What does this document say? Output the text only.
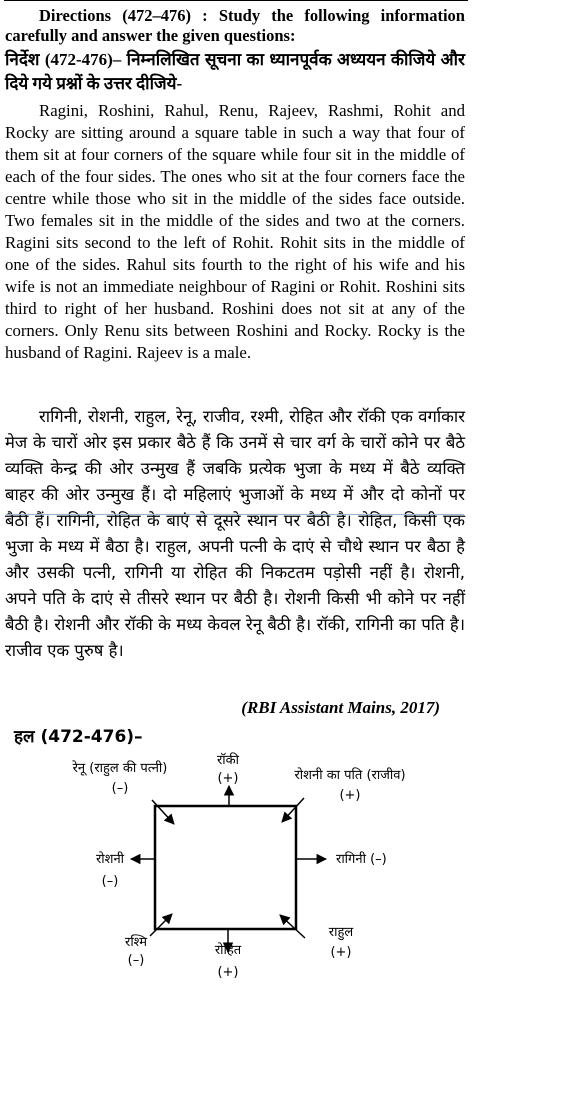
Directions (472–476) : Study the following information carefully and answer the given questions:
निर्देश (472-476)– निम्नलिखित सूचना का ध्यानपूर्वक अध्ययन कीजिये और दिये गये प्रश्नों के उत्तर दीजिये-
Ragini, Roshini, Rahul, Renu, Rajeev, Rashmi, Rohit and Rocky are sitting around a square table in such a way that four of them sit at four corners of the square while four sit in the middle of each of the four sides. The ones who sit at the four corners face the centre while those who sit in the middle of the sides face outside. Two females sit in the middle of the sides and two at the corners. Ragini sits second to the left of Rohit. Rohit sits in the middle of one of the sides. Rahul sits fourth to the right of his wife and his wife is not an immediate neighbour of Ragini or Rohit. Roshini sits third to right of her husband. Roshini does not sit at any of the corners. Only Renu sits between Roshini and Rocky. Rocky is the husband of Ragini. Rajeev is a male.
रागिनी, रोशनी, राहुल, रेनू, राजीव, रश्मी, रोहित और रॉकी एक वर्गाकार मेज के चारों ओर इस प्रकार बैठे हैं कि उनमें से चार वर्ग के चारों कोने पर बैठे व्यक्ति केन्द्र की ओर उन्मुख हैं जबकि प्रत्येक भुजा के मध्य में बैठे व्यक्ति बाहर की ओर उन्मुख हैं। दो महिलाएं भुजाओं के मध्य में और दो कोनों पर बैठी हैं। रागिनी, रोहित के बाएं से दूसरे स्थान पर बैठी है। रोहित, किसी एक भुजा के मध्य में बैठा है। राहुल, अपनी पत्नी के दाएं से चौथे स्थान पर बैठा है और उसकी पत्नी, रागिनी या रोहित की निकटतम पड़ोसी नहीं है। रोशनी, अपने पति के दाएं से तीसरे स्थान पर बैठी है। रोशनी किसी भी कोने पर नहीं बैठी है। रोशनी और रॉकी के मध्य केवल रेनू बैठी है। रॉकी, रागिनी का पति है। राजीव एक पुरुष है।
(RBI Assistant Mains, 2017)
हल (472-476)–
रेनू (राहुल की पत्नी)
(–)
रॉकी
(+)	रोशनी का पति (राजीव)
(+)
रोशनी
(–)
रागिनी (–)
रश्मि
(–)
रोहित
(+)
राहुल
(+)
